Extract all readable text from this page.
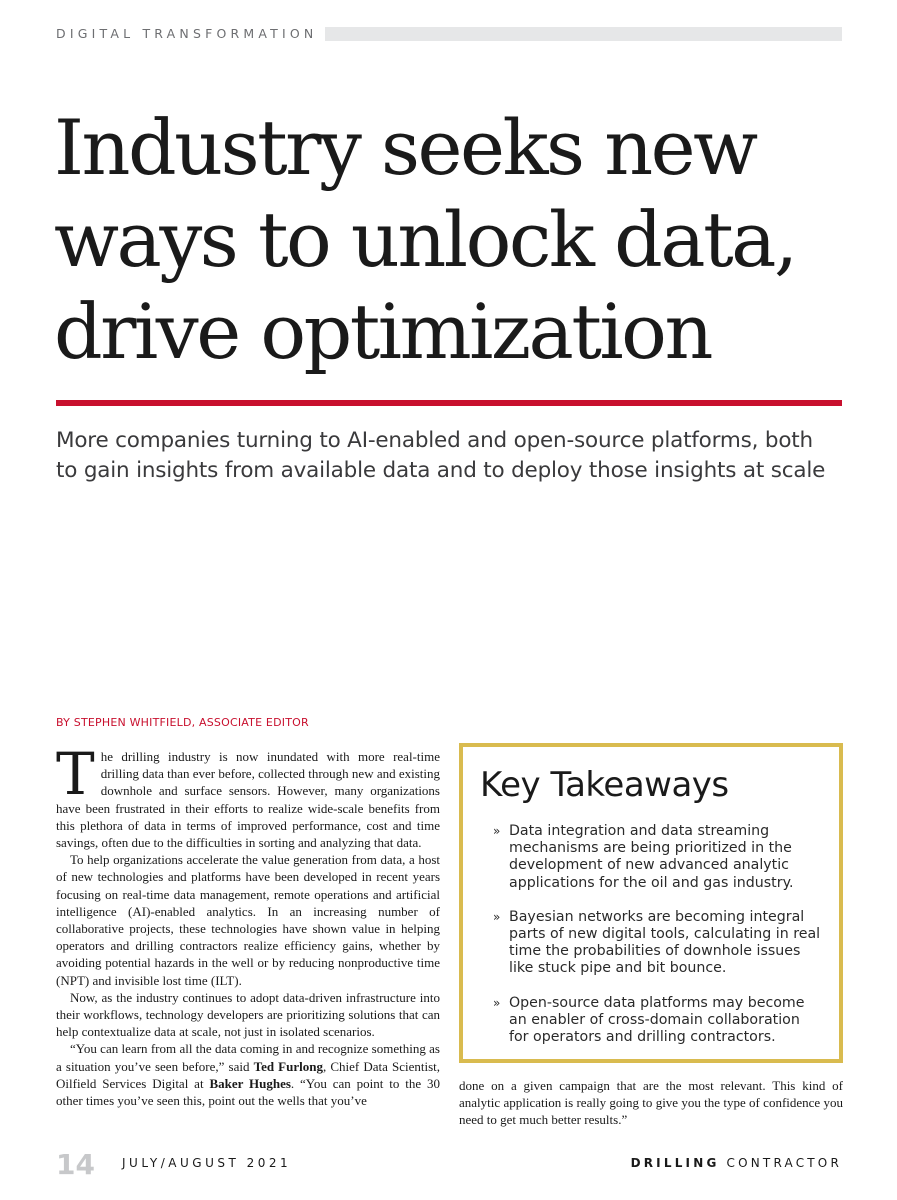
DIGITAL TRANSFORMATION
Industry seeks new
ways to unlock data,
drive optimization

More companies turning to AI-enabled and open-source platforms, both
to gain insights from available data and to deploy those insights at scale

BY STEPHEN WHITFIELD, ASSOCIATE EDITOR

The drilling industry is now inundated with more real-time drilling data than ever before, collected through new and existing downhole and surface sensors. However, many organizations have been frustrated in their efforts to realize wide-scale benefits from this plethora of data in terms of improved performance, cost and time savings, often due to the difficulties in sorting and analyzing that data.

To help organizations accelerate the value generation from data, a host of new technologies and platforms have been developed in recent years focusing on real-time data management, remote operations and artificial intelligence (AI)-enabled analytics. In an increasing number of collaborative projects, these technologies have shown value in helping operators and drilling contractors realize efficiency gains, whether by avoiding potential hazards in the well or by reducing nonproductive time (NPT) and invisible lost time (ILT).

Now, as the industry continues to adopt data-driven infrastructure into their workflows, technology developers are prioritizing solutions that can help contextualize data at scale, not just in isolated scenarios.

“You can learn from all the data coming in and recognize something as a situation you’ve seen before,” said Ted Furlong, Chief Data Scientist, Oilfield Services Digital at Baker Hughes. “You can point to the 30 other times you’ve seen this, point out the wells that you’ve

Key Takeaways
» Data integration and data streaming mechanisms are being prioritized in the development of new advanced analytic applications for the oil and gas industry.
» Bayesian networks are becoming integral parts of new digital tools, calculating in real time the probabilities of downhole issues like stuck pipe and bit bounce.
» Open-source data platforms may become an enabler of cross-domain collaboration for operators and drilling contractors.
done on a given campaign that are the most relevant. This kind of analytic application is really going to give you the type of confidence you need to get much better results.”
14 JULY/AUGUST 2021	DRILLING CONTRACTOR
